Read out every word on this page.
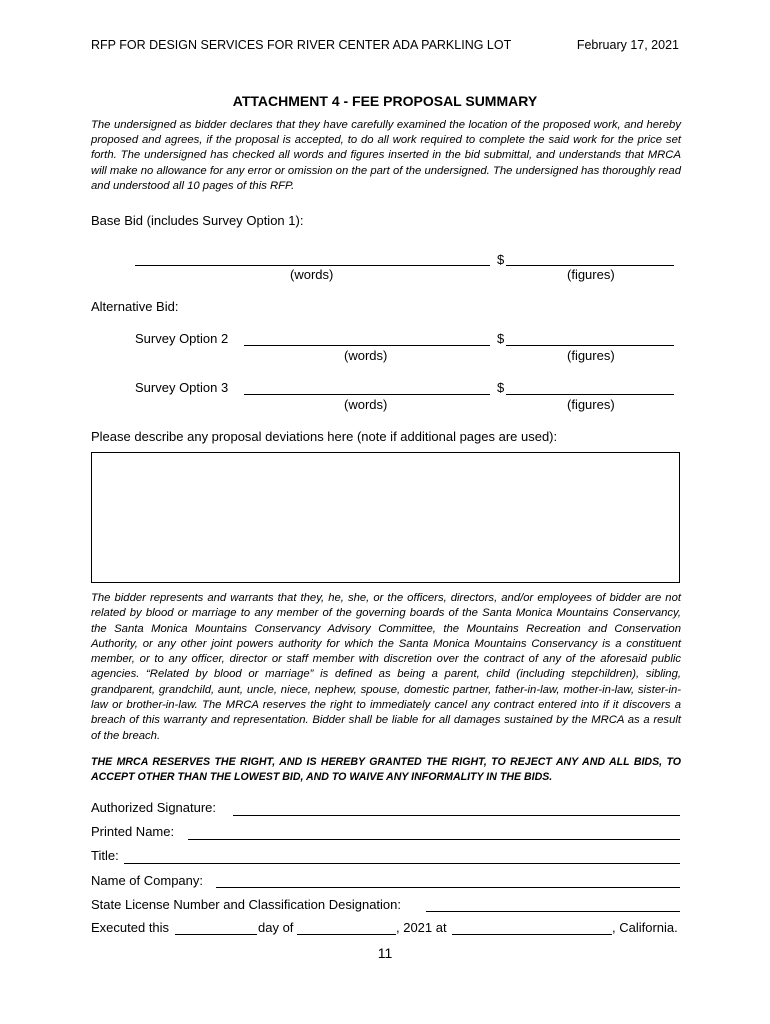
RFP FOR DESIGN SERVICES FOR RIVER CENTER ADA PARKLING LOT	February 17, 2021
ATTACHMENT 4 - FEE PROPOSAL SUMMARY
The undersigned as bidder declares that they have carefully examined the location of the proposed work, and hereby proposed and agrees, if the proposal is accepted, to do all work required to complete the said work for the price set forth. The undersigned has checked all words and figures inserted in the bid submittal, and understands that MRCA will make no allowance for any error or omission on the part of the undersigned. The undersigned has thoroughly read and understood all 10 pages of this RFP.
Base Bid (includes Survey Option 1):
$
(words)	(figures)
Alternative Bid:
Survey Option 2	$
(words)	(figures)
Survey Option 3	$
(words)	(figures)
Please describe any proposal deviations here (note if additional pages are used):
The bidder represents and warrants that they, he, she, or the officers, directors, and/or employees of bidder are not related by blood or marriage to any member of the governing boards of the Santa Monica Mountains Conservancy, the Santa Monica Mountains Conservancy Advisory Committee, the Mountains Recreation and Conservation Authority, or any other joint powers authority for which the Santa Monica Mountains Conservancy is a constituent member, or to any officer, director or staff member with discretion over the contract of any of the aforesaid public agencies. “Related by blood or marriage” is defined as being a parent, child (including stepchildren), sibling, grandparent, grandchild, aunt, uncle, niece, nephew, spouse, domestic partner, father-in-law, mother-in-law, sister-in-law or brother-in-law. The MRCA reserves the right to immediately cancel any contract entered into if it discovers a breach of this warranty and representation. Bidder shall be liable for all damages sustained by the MRCA as a result of the breach.
THE MRCA RESERVES THE RIGHT, AND IS HEREBY GRANTED THE RIGHT, TO REJECT ANY AND ALL BIDS, TO ACCEPT OTHER THAN THE LOWEST BID, AND TO WAIVE ANY INFORMALITY IN THE BIDS.
Authorized Signature:
Printed Name:
Title:
Name of Company:
State License Number and Classification Designation:
Executed this	day of	, 2021 at	, California.
11
